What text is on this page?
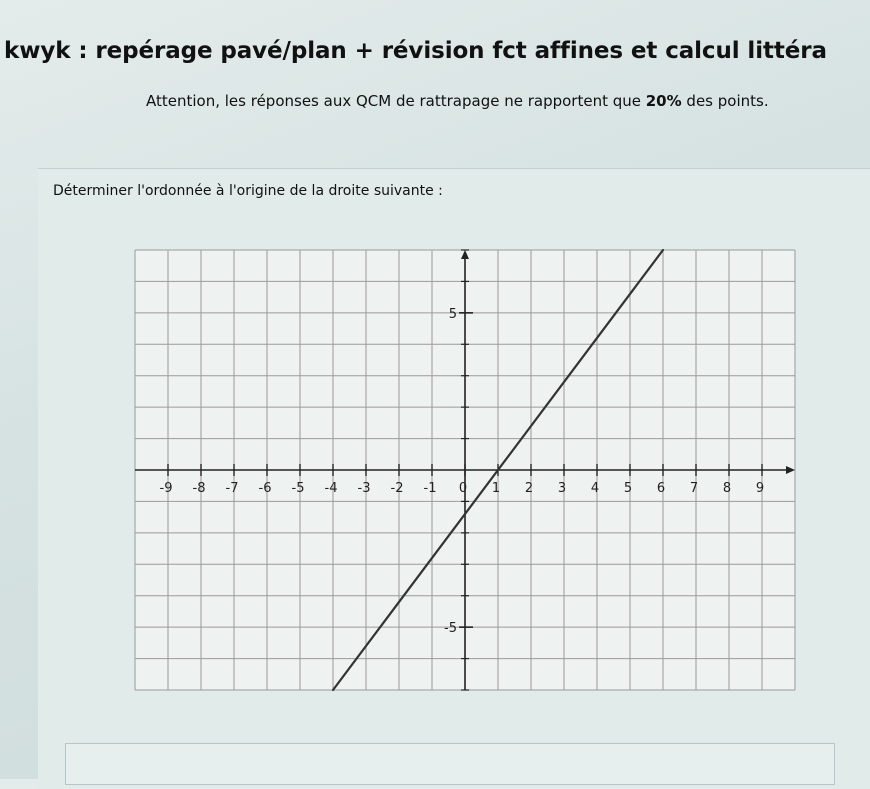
kwyk : repérage pavé/plan + révision fct affines et calcul littéra
Attention, les réponses aux QCM de rattrapage ne rapportent que 20% des points.
Déterminer l'ordonnée à l'origine de la droite suivante :
-9 -8 -7 -6 -5 -4 -3 -2 -1 0 1 2 3 4 5 6 7 8 9
5
-5
